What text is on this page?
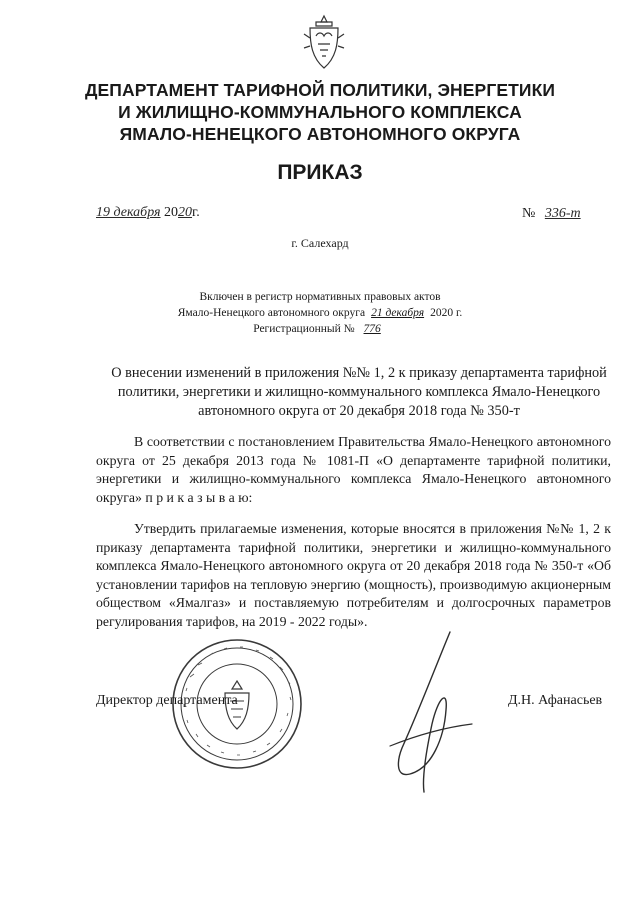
ДЕПАРТАМЕНТ ТАРИФНОЙ ПОЛИТИКИ, ЭНЕРГЕТИКИ
И ЖИЛИЩНО-КОММУНАЛЬНОГО КОМПЛЕКСА
ЯМАЛО-НЕНЕЦКОГО АВТОНОМНОГО ОКРУГА
ПРИКАЗ
19 декабря 2020г.	№ 336-т
г. Салехард
Включен в регистр нормативных правовых актов
Ямало-Ненецкого автономного округа 21 декабря 2020 г.
Регистрационный № 776
О внесении изменений в приложения №№ 1, 2 к приказу департамента тарифной политики, энергетики и жилищно-коммунального комплекса Ямало-Ненецкого автономного округа от 20 декабря 2018 года № 350-т
В соответствии с постановлением Правительства Ямало-Ненецкого автономного округа от 25 декабря 2013 года № 1081-П «О департаменте тарифной политики, энергетики и жилищно-коммунального комплекса Ямало-Ненецкого автономного округа» п р и к а з ы в а ю:
Утвердить прилагаемые изменения, которые вносятся в приложения №№ 1, 2 к приказу департамента тарифной политики, энергетики и жилищно-коммунального комплекса Ямало-Ненецкого автономного округа от 20 декабря 2018 года № 350-т «Об установлении тарифов на тепловую энергию (мощность), производимую акционерным обществом «Ямалгаз» и поставляемую потребителям и долгосрочных параметров регулирования тарифов, на 2019 - 2022 годы».
Директор департамента	Д.Н. Афанасьев
